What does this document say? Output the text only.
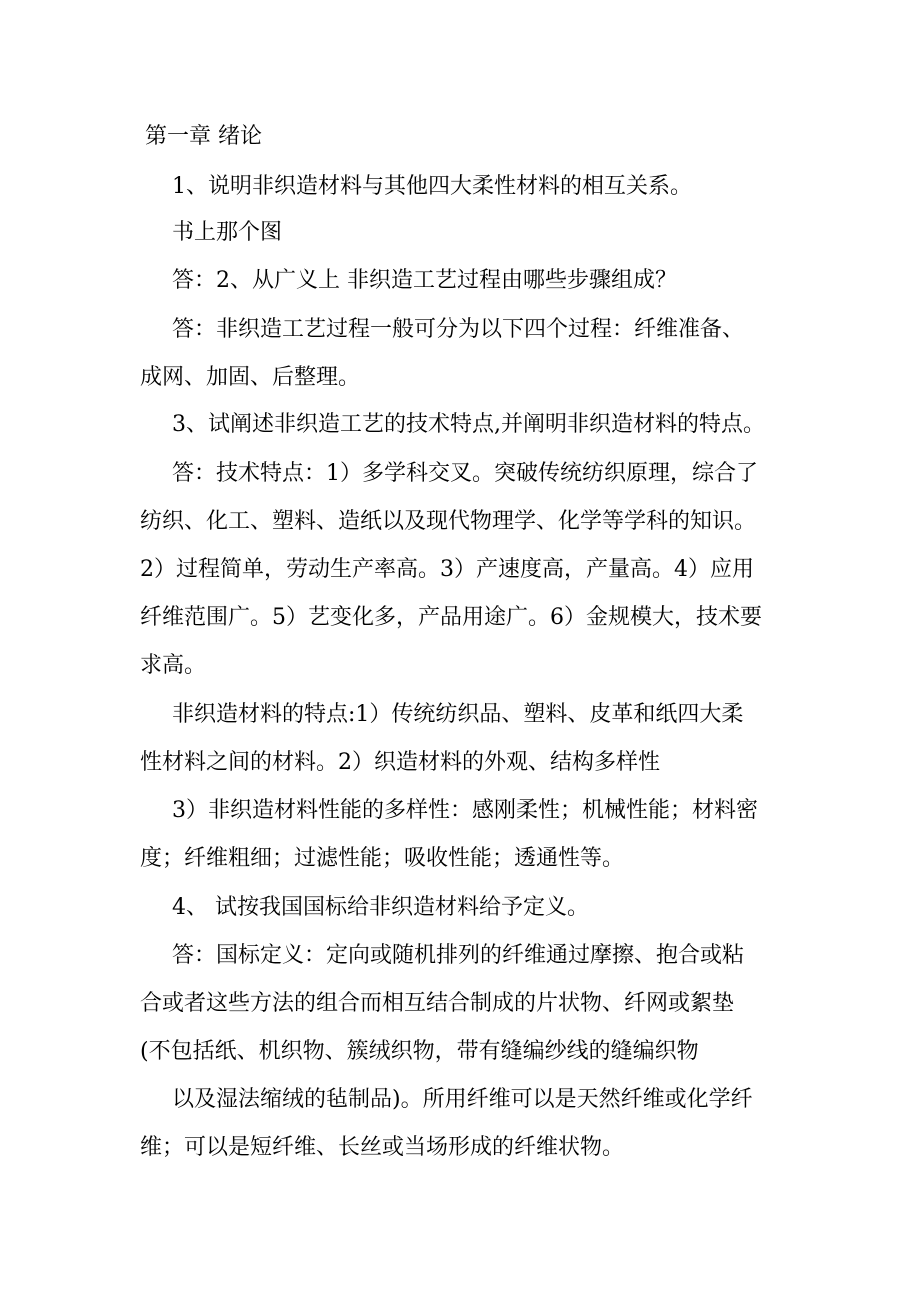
第一章 绪论
1、说明非织造材料与其他四大柔性材料的相互关系。
书上那个图
答：2、从广义上 非织造工艺过程由哪些步骤组成？
答：非织造工艺过程一般可分为以下四个过程：纤维准备、
成网、加固、后整理。
3、试阐述非织造工艺的技术特点,并阐明非织造材料的特点。
答：技术特点：1）多学科交叉。突破传统纺织原理，综合了
纺织、化工、塑料、造纸以及现代物理学、化学等学科的知识。
2）过程简单，劳动生产率高。3）产速度高，产量高。4）应用
纤维范围广。5）艺变化多，产品用途广。6）金规模大，技术要
求高。
非织造材料的特点:1）传统纺织品、塑料、皮革和纸四大柔
性材料之间的材料。2）织造材料的外观、结构多样性
3）非织造材料性能的多样性：感刚柔性；机械性能；材料密
度；纤维粗细；过滤性能；吸收性能；透通性等。
4、 试按我国国标给非织造材料给予定义。
答：国标定义：定向或随机排列的纤维通过摩擦、抱合或粘
合或者这些方法的组合而相互结合制成的片状物、纤网或絮垫
(不包括纸、机织物、簇绒织物，带有缝编纱线的缝编织物
以及湿法缩绒的毡制品)。所用纤维可以是天然纤维或化学纤
维；可以是短纤维、长丝或当场形成的纤维状物。
